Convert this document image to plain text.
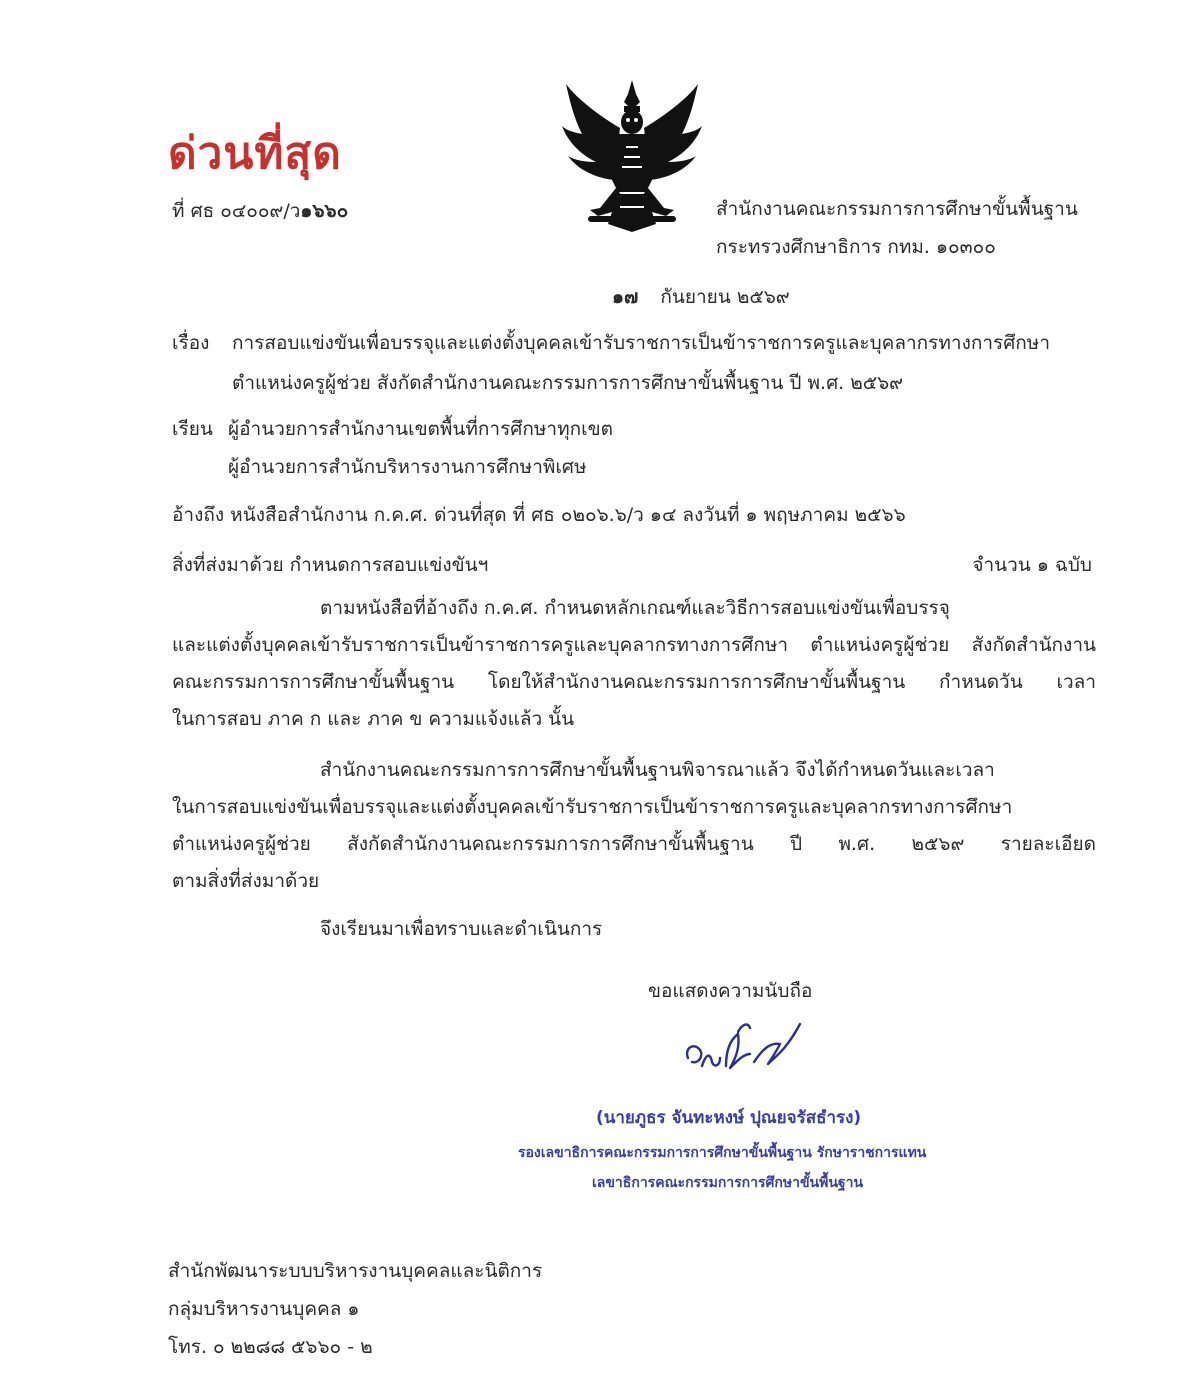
ด่วนที่สุด
ที่ ศธ ๐๔๐๐๙/ว๑๖๖๐	สำนักงานคณะกรรมการการศึกษาขั้นพื้นฐาน
กระทรวงศึกษาธิการ กทม. ๑๐๓๐๐
๑๗ กันยายน ๒๕๖๙
เรื่อง การสอบแข่งขันเพื่อบรรจุและแต่งตั้งบุคคลเข้ารับราชการเป็นข้าราชการครูและบุคลากรทางการศึกษา
ตำแหน่งครูผู้ช่วย สังกัดสำนักงานคณะกรรมการการศึกษาขั้นพื้นฐาน ปี พ.ศ. ๒๕๖๙
เรียน ผู้อำนวยการสำนักงานเขตพื้นที่การศึกษาทุกเขต
ผู้อำนวยการสำนักบริหารงานการศึกษาพิเศษ
อ้างถึง หนังสือสำนักงาน ก.ค.ศ. ด่วนที่สุด ที่ ศธ ๐๒๐๖.๖/ว ๑๔ ลงวันที่ ๑ พฤษภาคม ๒๕๖๖
สิ่งที่ส่งมาด้วย กำหนดการสอบแข่งขันฯ	จำนวน ๑ ฉบับ
ตามหนังสือที่อ้างถึง ก.ค.ศ. กำหนดหลักเกณฑ์และวิธีการสอบแข่งขันเพื่อบรรจุ
และแต่งตั้งบุคคลเข้ารับราชการเป็นข้าราชการครูและบุคลากรทางการศึกษา ตำแหน่งครูผู้ช่วย สังกัดสำนักงาน
คณะกรรมการการศึกษาขั้นพื้นฐาน โดยให้สำนักงานคณะกรรมการการศึกษาขั้นพื้นฐาน กำหนดวัน เวลา
ในการสอบ ภาค ก และ ภาค ข ความแจ้งแล้ว นั้น
สำนักงานคณะกรรมการการศึกษาขั้นพื้นฐานพิจารณาแล้ว จึงได้กำหนดวันและเวลา
ในการสอบแข่งขันเพื่อบรรจุและแต่งตั้งบุคคลเข้ารับราชการเป็นข้าราชการครูและบุคลากรทางการศึกษา
ตำแหน่งครูผู้ช่วย สังกัดสำนักงานคณะกรรมการการศึกษาขั้นพื้นฐาน ปี พ.ศ. ๒๕๖๙ รายละเอียด
ตามสิ่งที่ส่งมาด้วย
จึงเรียนมาเพื่อทราบและดำเนินการ
ขอแสดงความนับถือ
(นายภูธร จันทะหงษ์ ปุณยจรัสธำรง)
รองเลขาธิการคณะกรรมการการศึกษาขั้นพื้นฐาน รักษาราชการแทน
เลขาธิการคณะกรรมการการศึกษาขั้นพื้นฐาน
สำนักพัฒนาระบบบริหารงานบุคคลและนิติการ
กลุ่มบริหารงานบุคคล ๑
โทร. ๐ ๒๒๘๘ ๕๖๖๐ - ๒
